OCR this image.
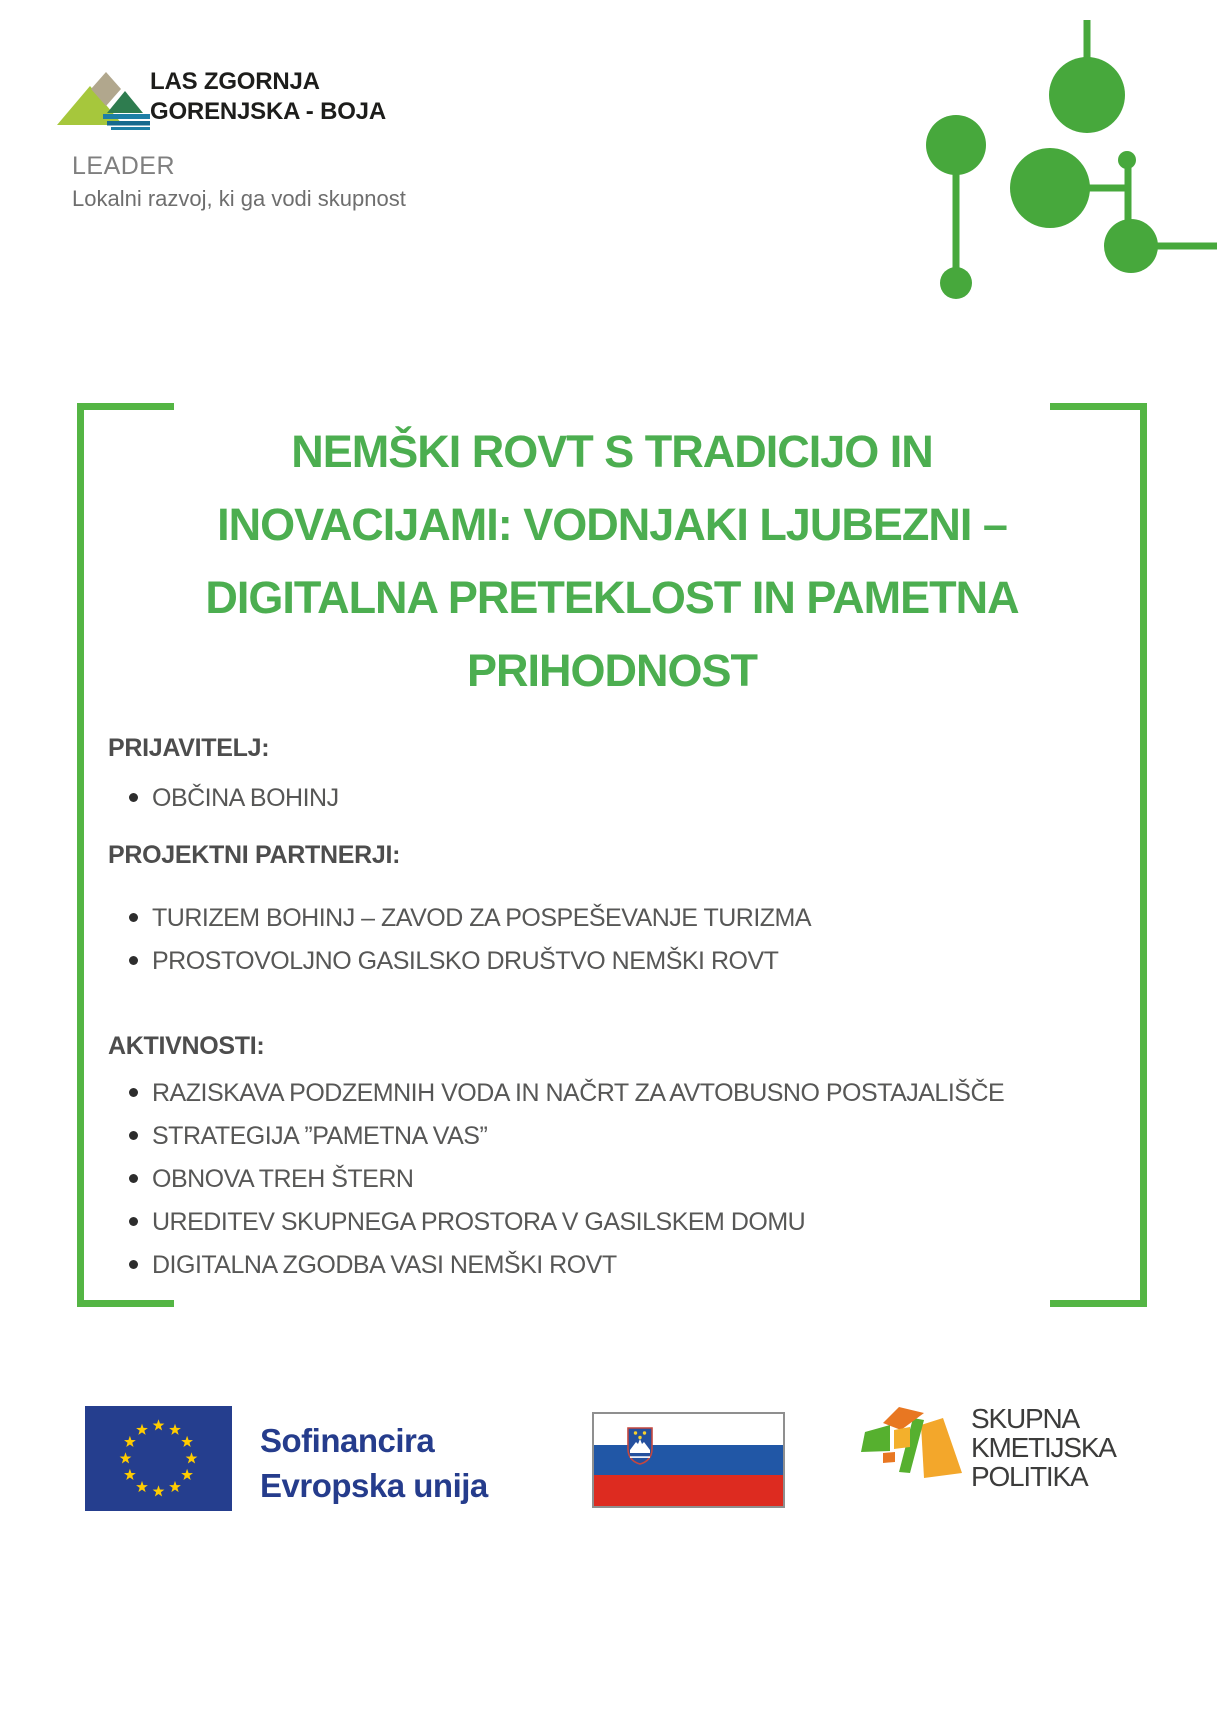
LAS ZGORNJA
GORENJSKA - BOJA
LEADER
Lokalni razvoj, ki ga vodi skupnost
NEMŠKI ROVT S TRADICIJO IN
INOVACIJAMI: VODNJAKI LJUBEZNI –
DIGITALNA PRETEKLOST IN PAMETNA
PRIHODNOST
PRIJAVITELJ:
OBČINA BOHINJ
PROJEKTNI PARTNERJI:
TURIZEM BOHINJ – ZAVOD ZA POSPEŠEVANJE TURIZMA
PROSTOVOLJNO GASILSKO DRUŠTVO NEMŠKI ROVT
AKTIVNOSTI:
RAZISKAVA PODZEMNIH VODA IN NAČRT ZA AVTOBUSNO POSTAJALIŠČE
STRATEGIJA ”PAMETNA VAS”
OBNOVA TREH ŠTERN
UREDITEV SKUPNEGA PROSTORA V GASILSKEM DOMU
DIGITALNA ZGODBA VASI NEMŠKI ROVT
Sofinancira
Evropska unija
SKUPNA
KMETIJSKA
POLITIKA
